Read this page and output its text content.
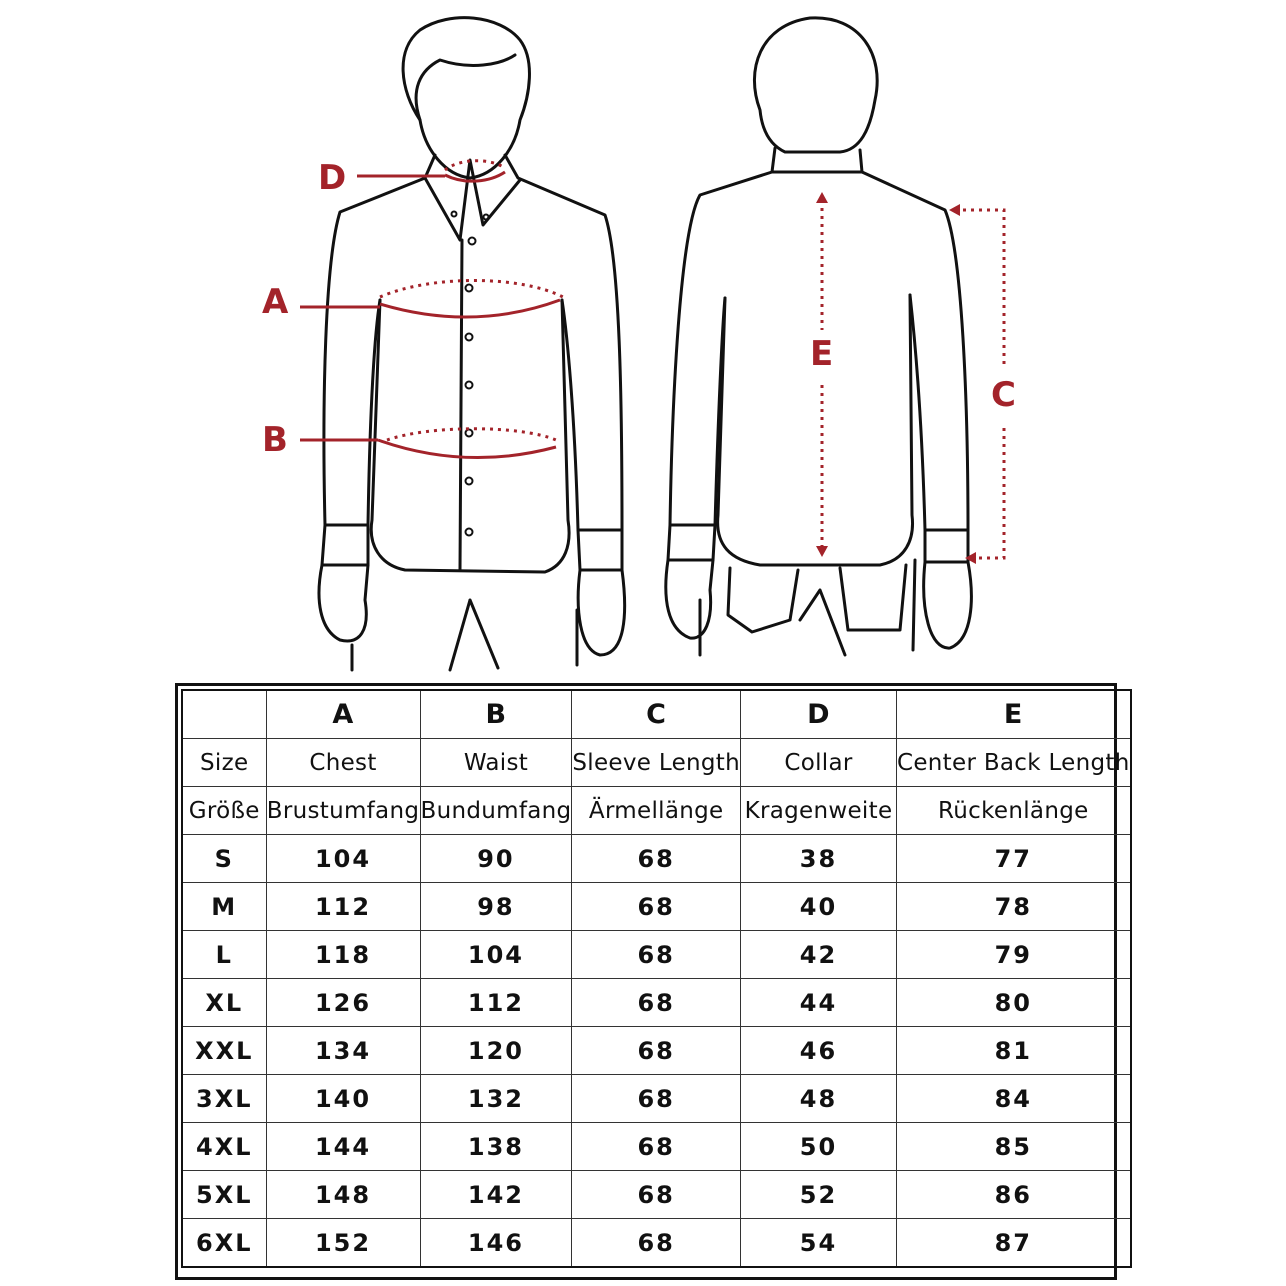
D
A
B
E
C
	A	B	C	D	E
Size	Chest	Waist	Sleeve Length	Collar	Center Back Length
Größe	Brustumfang	Bundumfang	Ärmellänge	Kragenweite	Rückenlänge
S	104	90	68	38	77
M	112	98	68	40	78
L	118	104	68	42	79
XL	126	112	68	44	80
XXL	134	120	68	46	81
3XL	140	132	68	48	84
4XL	144	138	68	50	85
5XL	148	142	68	52	86
6XL	152	146	68	54	87
